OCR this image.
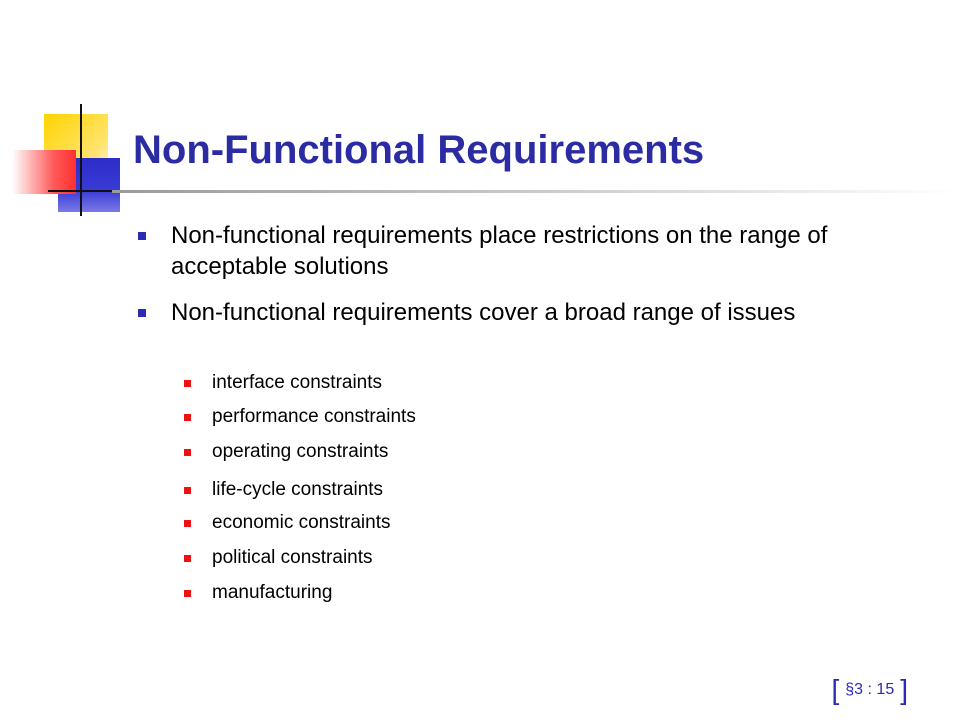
Non-Functional Requirements
Non-functional requirements place restrictions on the range of acceptable solutions
Non-functional requirements cover a broad range of issues
interface constraints
performance constraints
operating constraints
life-cycle constraints
economic constraints
political constraints
manufacturing
[ §3 : 15 ]
